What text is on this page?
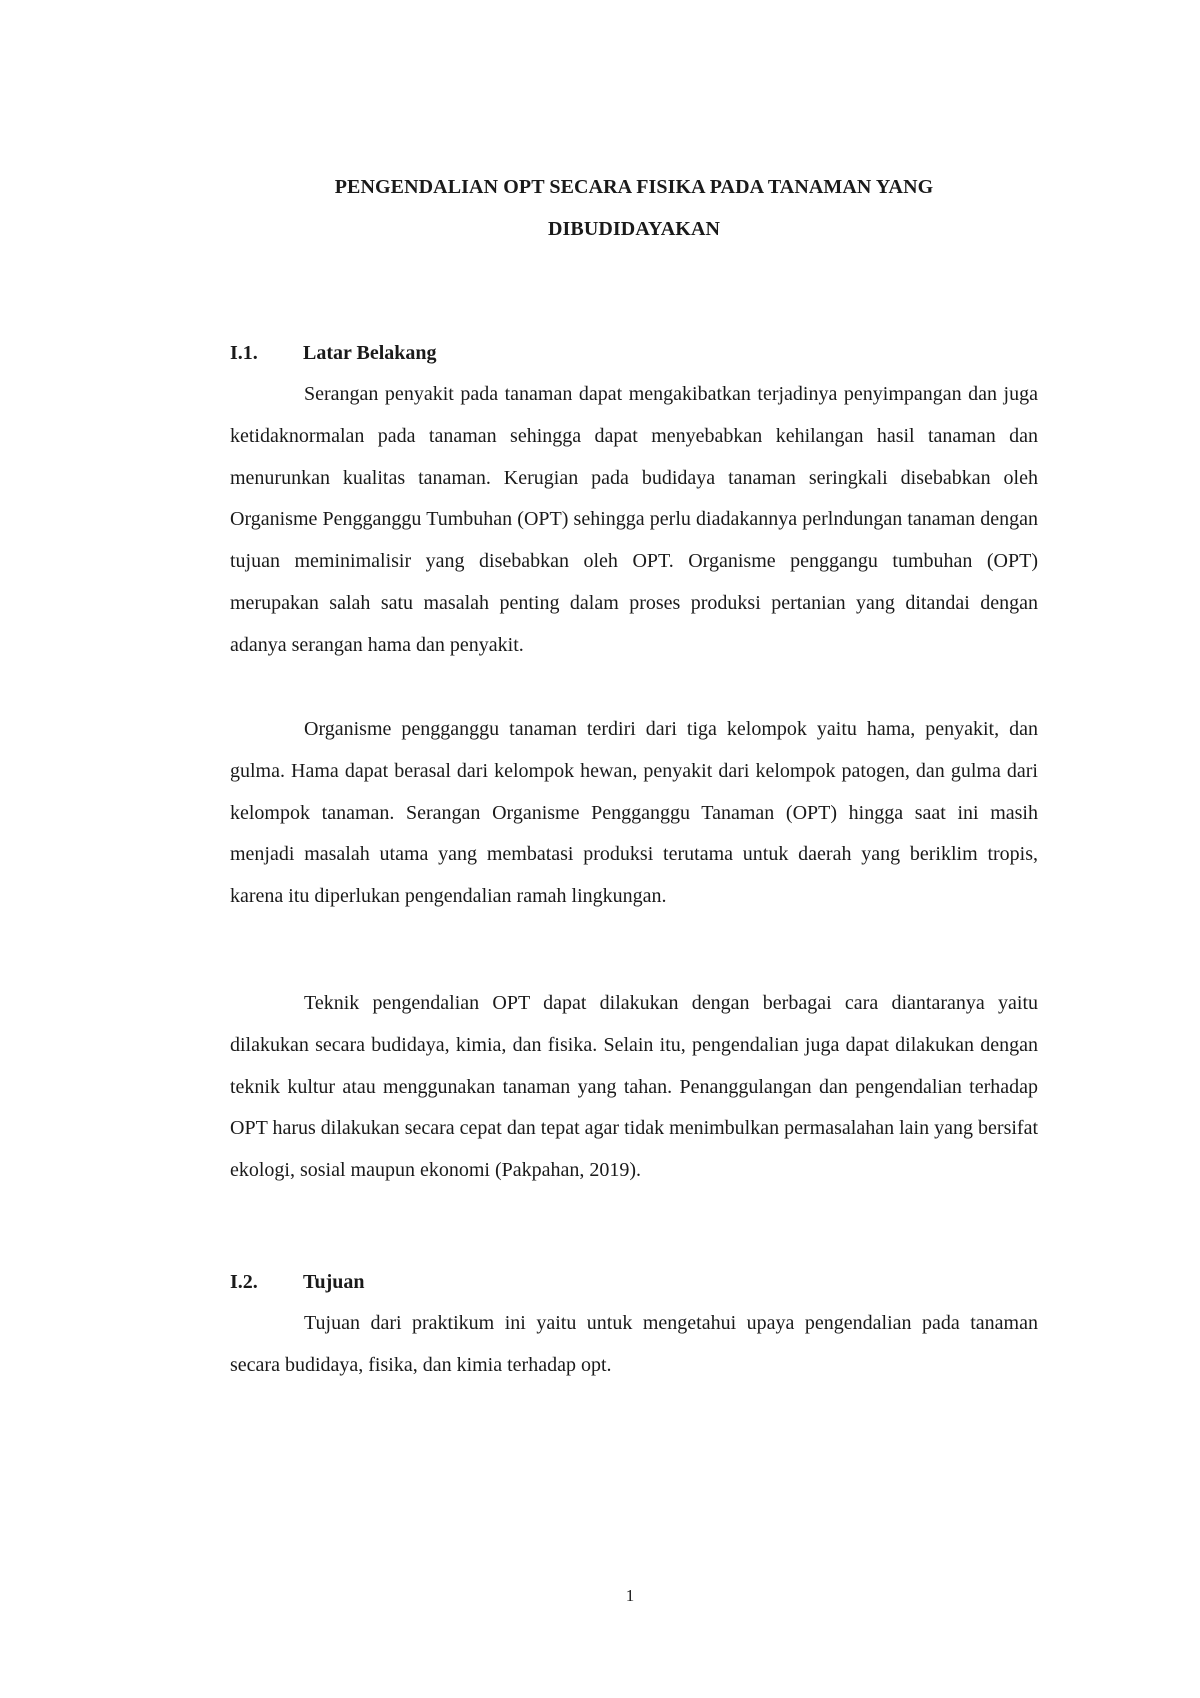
PENGENDALIAN OPT SECARA FISIKA PADA TANAMAN YANG
DIBUDIDAYAKAN
I.1. Latar Belakang

Serangan penyakit pada tanaman dapat mengakibatkan terjadinya penyimpangan dan juga ketidaknormalan pada tanaman sehingga dapat menyebabkan kehilangan hasil tanaman dan menurunkan kualitas tanaman. Kerugian pada budidaya tanaman seringkali disebabkan oleh Organisme Pengganggu Tumbuhan (OPT) sehingga perlu diadakannya perlndungan tanaman dengan tujuan meminimalisir yang disebabkan oleh OPT. Organisme penggangu tumbuhan (OPT) merupakan salah satu masalah penting dalam proses produksi pertanian yang ditandai dengan adanya serangan hama dan penyakit.

Organisme pengganggu tanaman terdiri dari tiga kelompok yaitu hama, penyakit, dan gulma. Hama dapat berasal dari kelompok hewan, penyakit dari kelompok patogen, dan gulma dari kelompok tanaman. Serangan Organisme Pengganggu Tanaman (OPT) hingga saat ini masih menjadi masalah utama yang membatasi produksi terutama untuk daerah yang beriklim tropis, karena itu diperlukan pengendalian ramah lingkungan.

Teknik pengendalian OPT dapat dilakukan dengan berbagai cara diantaranya yaitu dilakukan secara budidaya, kimia, dan fisika. Selain itu, pengendalian juga dapat dilakukan dengan teknik kultur atau menggunakan tanaman yang tahan. Penanggulangan dan pengendalian terhadap OPT harus dilakukan secara cepat dan tepat agar tidak menimbulkan permasalahan lain yang bersifat ekologi, sosial maupun ekonomi (Pakpahan, 2019).

I.2. Tujuan

Tujuan dari praktikum ini yaitu untuk mengetahui upaya pengendalian pada tanaman secara budidaya, fisika, dan kimia terhadap opt.

1
